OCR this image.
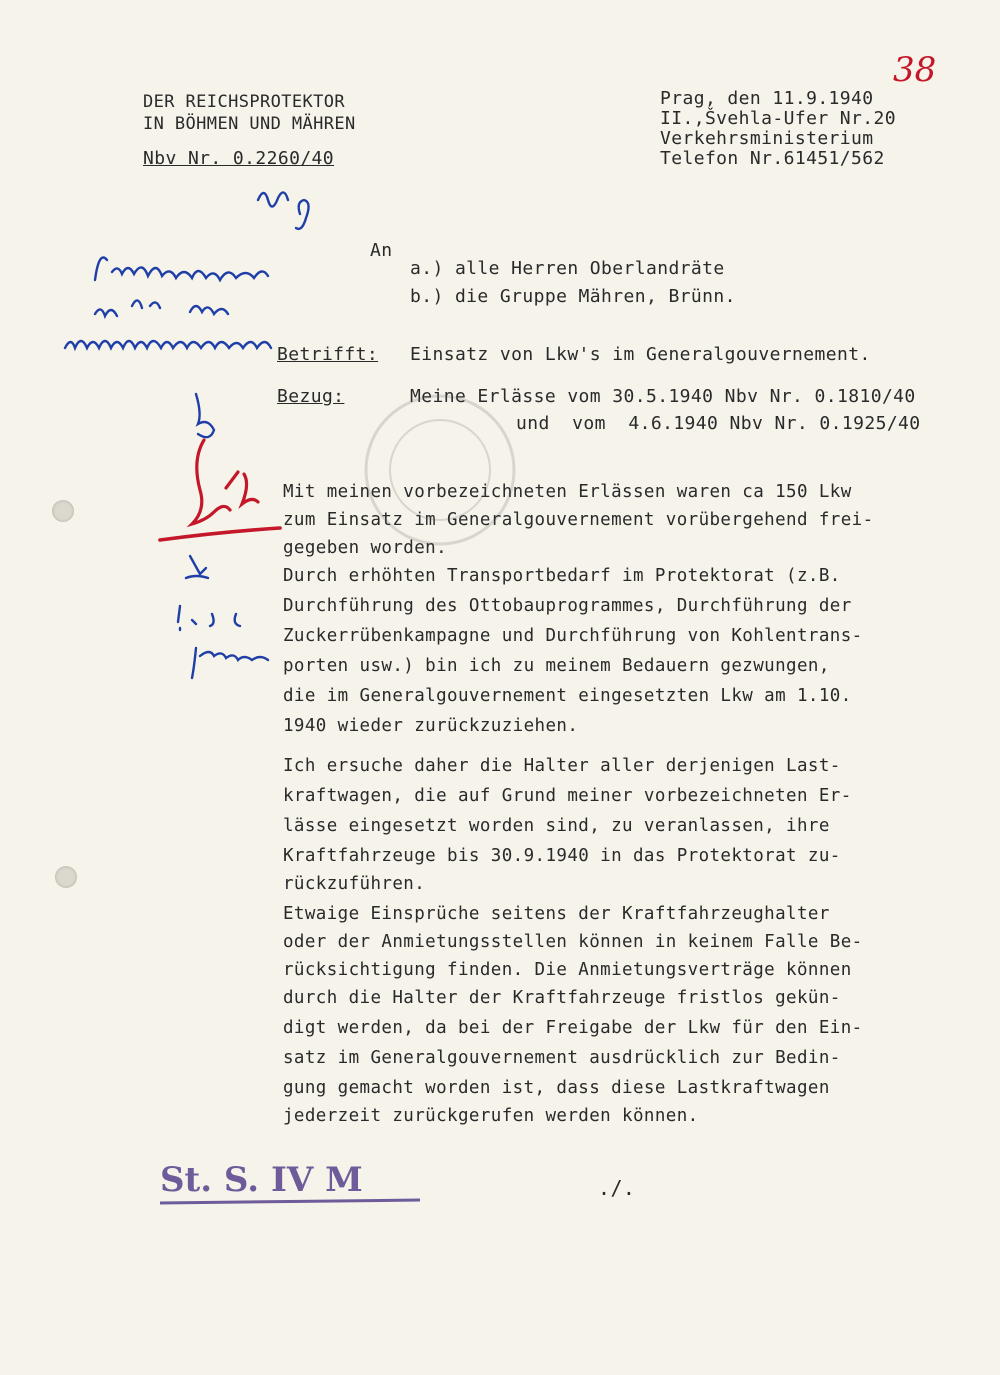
38
DER REICHSPROTEKTOR
IN BÖHMEN UND MÄHREN
Nbv Nr. 0.2260/40
Prag, den 11.9.1940
II.,Švehla-Ufer Nr.20
Verkehrsministerium
Telefon Nr.61451/562
An
a.) alle Herren Oberlandräte
b.) die Gruppe Mähren, Brünn.
Betrifft: Einsatz von Lkw's im Generalgouvernement.
Bezug:	Meine Erlässe vom 30.5.1940 Nbv Nr. 0.1810/40
und  vom  4.6.1940 Nbv Nr. 0.1925/40
Mit meinen vorbezeichneten Erlässen waren ca 150 Lkw
zum Einsatz im Generalgouvernement vorübergehend frei-
gegeben worden.
Durch erhöhten Transportbedarf im Protektorat (z.B.
Durchführung des Ottobauprogrammes, Durchführung der
Zuckerrübenkampagne und Durchführung von Kohlentrans-
porten usw.) bin ich zu meinem Bedauern gezwungen,
die im Generalgouvernement eingesetzten Lkw am 1.10.
1940 wieder zurückzuziehen.
Ich ersuche daher die Halter aller derjenigen Last-
kraftwagen, die auf Grund meiner vorbezeichneten Er-
lässe eingesetzt worden sind, zu veranlassen, ihre
Kraftfahrzeuge bis 30.9.1940 in das Protektorat zu-
rückzuführen.
Etwaige Einsprüche seitens der Kraftfahrzeughalter
oder der Anmietungsstellen können in keinem Falle Be-
rücksichtigung finden. Die Anmietungsverträge können
durch die Halter der Kraftfahrzeuge fristlos gekün-
digt werden, da bei der Freigabe der Lkw für den Ein-
satz im Generalgouvernement ausdrücklich zur Bedin-
gung gemacht worden ist, dass diese Lastkraftwagen
jederzeit zurückgerufen werden können.
./.
St. S. IV M
